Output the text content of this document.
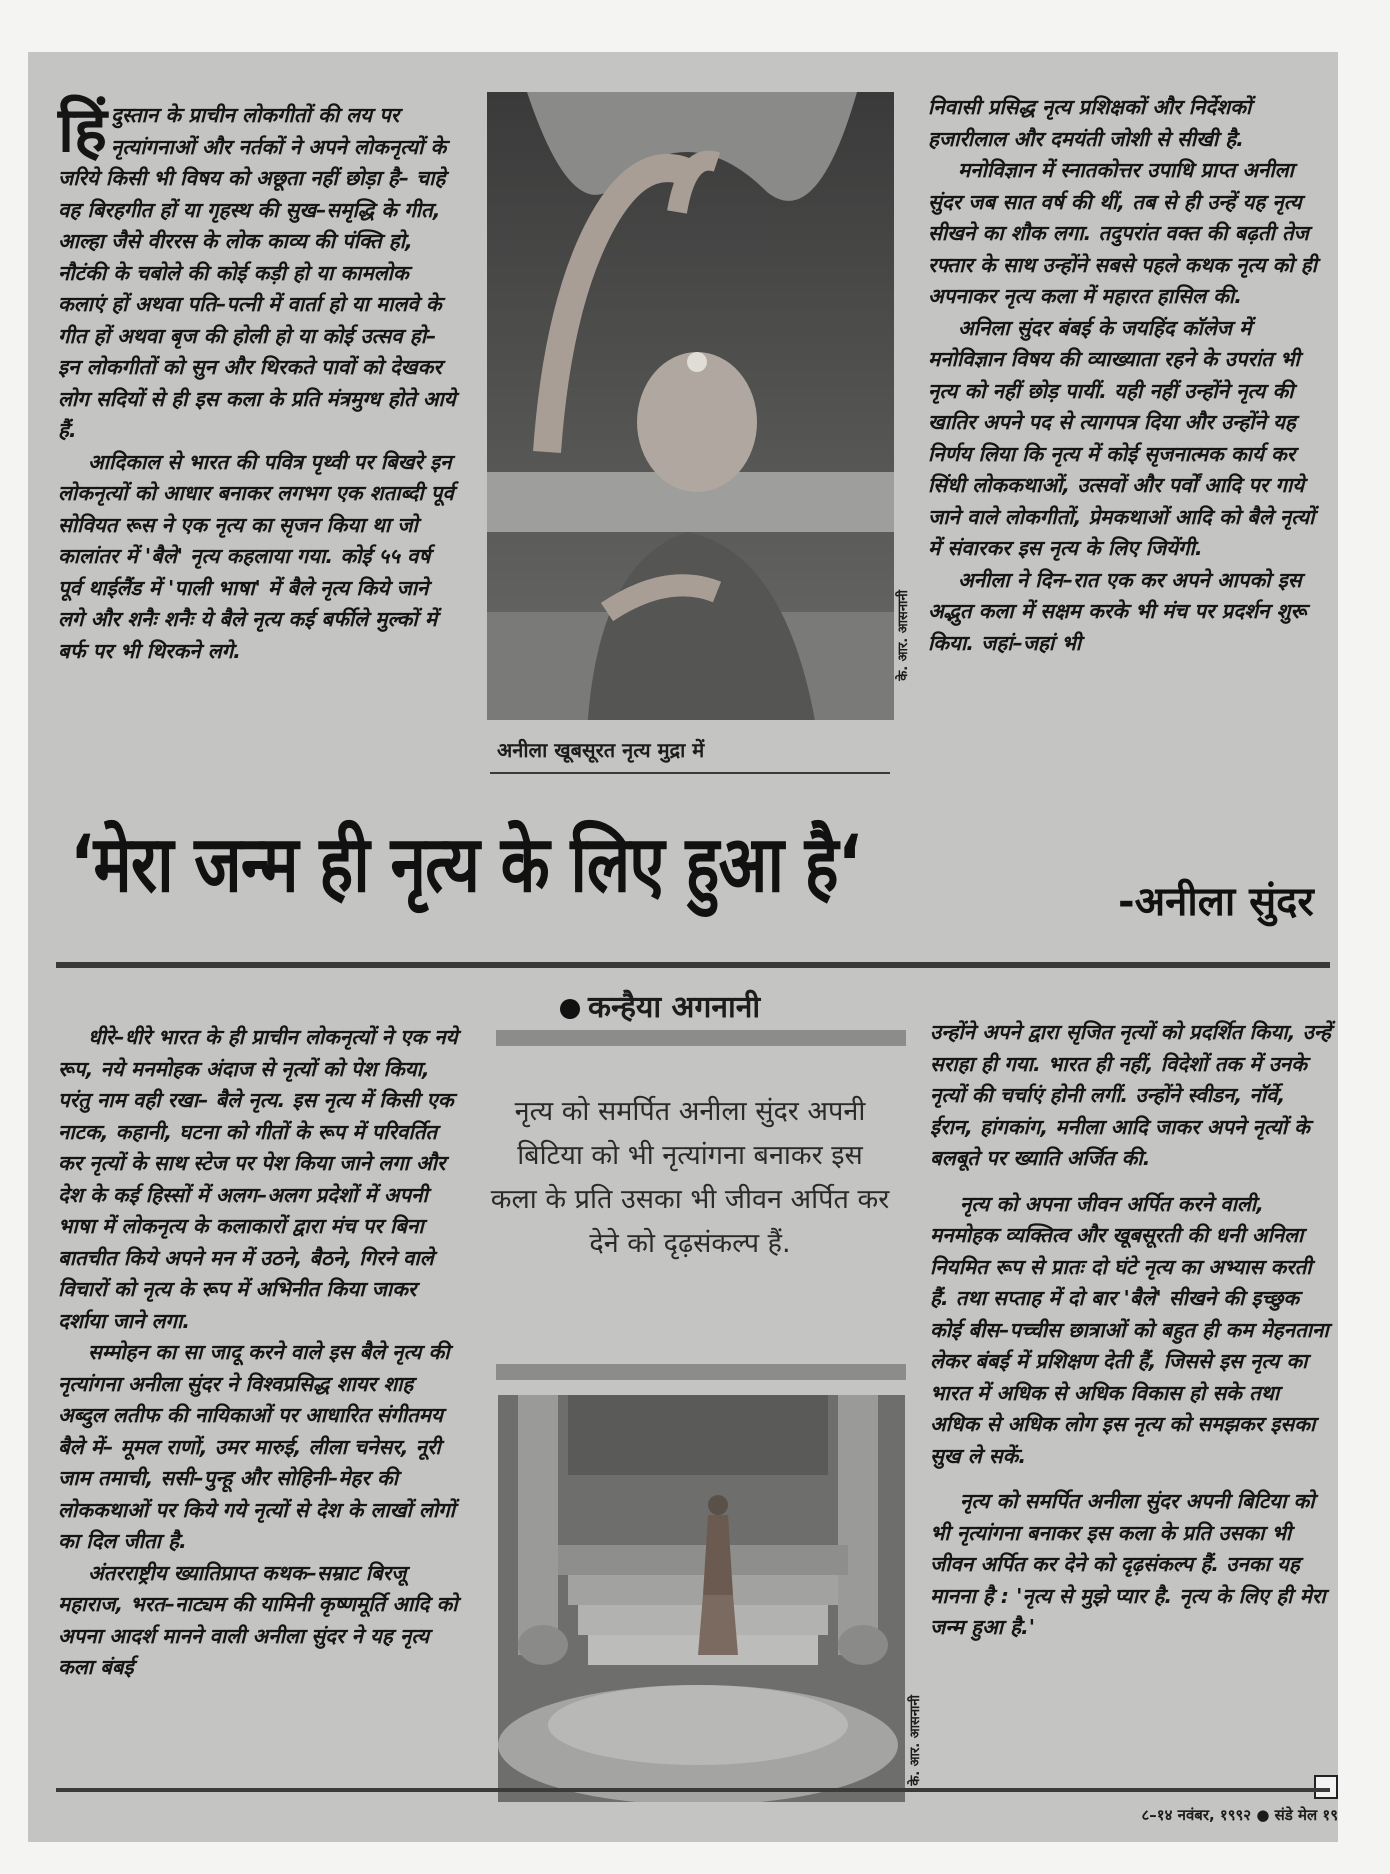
हिंदुस्तान के प्राचीन लोकगीतों की लय पर नृत्यांगनाओं और नर्तकों ने अपने लोकनृत्यों के जरिये किसी भी विषय को अछूता नहीं छोड़ा है– चाहे वह बिरहगीत हों या गृहस्थ की सुख–समृद्धि के गीत, आल्हा जैसे वीररस के लोक काव्य की पंक्ति हो, नौटंकी के चबोले की कोई कड़ी हो या कामलोक कलाएं हों अथवा पति–पत्नी में वार्ता हो या मालवे के गीत हों अथवा बृज की होली हो या कोई उत्सव हो– इन लोकगीतों को सुन और थिरकते पावों को देखकर लोग सदियों से ही इस कला के प्रति मंत्रमुग्ध होते आये हैं.

आदिकाल से भारत की पवित्र पृथ्वी पर बिखरे इन लोकनृत्यों को आधार बनाकर लगभग एक शताब्दी पूर्व सोवियत रूस ने एक नृत्य का सृजन किया था जो कालांतर में 'बैले' नृत्य कहलाया गया. कोई ५५ वर्ष पूर्व थाईलैंड में 'पाली भाषा' में बैले नृत्य किये जाने लगे और शनैः शनैः ये बैले नृत्य कई बर्फीले मुल्कों में बर्फ पर भी थिरकने लगे.	के. आर. आसनानी
अनीला खूबसूरत नृत्य मुद्रा में

निवासी प्रसिद्ध नृत्य प्रशिक्षकों और निर्देशकों हजारीलाल और दमयंती जोशी से सीखी है.

मनोविज्ञान में स्नातकोत्तर उपाधि प्राप्त अनीला सुंदर जब सात वर्ष की थीं, तब से ही उन्हें यह नृत्य सीखने का शौक लगा. तदुपरांत वक्त की बढ़ती तेज रफ्तार के साथ उन्होंने सबसे पहले कथक नृत्य को ही अपनाकर नृत्य कला में महारत हासिल की.

अनिला सुंदर बंबई के जयहिंद कॉलेज में मनोविज्ञान विषय की व्याख्याता रहने के उपरांत भी नृत्य को नहीं छोड़ पायीं. यही नहीं उन्होंने नृत्य की खातिर अपने पद से त्यागपत्र दिया और उन्होंने यह निर्णय लिया कि नृत्य में कोई सृजनात्मक कार्य कर सिंधी लोककथाओं, उत्सवों और पर्वों आदि पर गाये जाने वाले लोकगीतों, प्रेमकथाओं आदि को बैले नृत्यों में संवारकर इस नृत्य के लिए जियेंगी.

अनीला ने दिन–रात एक कर अपने आपको इस अद्भुत कला में सक्षम करके भी मंच पर प्रदर्शन शुरू किया. जहां–जहां भी

‘मेरा जन्म ही नृत्य के लिए हुआ है‘	-अनीला सुंदर
कन्हैया अगनानी

धीरे–धीरे भारत के ही प्राचीन लोकनृत्यों ने एक नये रूप, नये मनमोहक अंदाज से नृत्यों को पेश किया, परंतु नाम वही रखा– बैले नृत्य. इस नृत्य में किसी एक नाटक, कहानी, घटना को गीतों के रूप में परिवर्तित कर नृत्यों के साथ स्टेज पर पेश किया जाने लगा और देश के कई हिस्सों में अलग–अलग प्रदेशों में अपनी भाषा में लोकनृत्य के कलाकारों द्वारा मंच पर बिना बातचीत किये अपने मन में उठने, बैठने, गिरने वाले विचारों को नृत्य के रूप में अभिनीत किया जाकर दर्शाया जाने लगा.

सम्मोहन का सा जादू करने वाले इस बैले नृत्य की नृत्यांगना अनीला सुंदर ने विश्वप्रसिद्ध शायर शाह अब्दुल लतीफ की नायिकाओं पर आधारित संगीतमय बैले में– मूमल राणों, उमर मारुई, लीला चनेसर, नूरी जाम तमाची, ससी–पुन्हू और सोहिनी–मेहर की लोककथाओं पर किये गये नृत्यों से देश के लाखों लोगों का दिल जीता है.

अंतरराष्ट्रीय ख्यातिप्राप्त कथक–सम्राट बिरजू महाराज, भरत–नाट्यम की यामिनी कृष्णमूर्ति आदि को अपना आदर्श मानने वाली अनीला सुंदर ने यह नृत्य कला बंबई

नृत्य को समर्पित अनीला सुंदर अपनी बिटिया को भी नृत्यांगना बनाकर इस कला के प्रति उसका भी जीवन अर्पित कर देने को दृढ़संकल्प हैं.
के. आर. आसनानी

उन्होंने अपने द्वारा सृजित नृत्यों को प्रदर्शित किया, उन्हें सराहा ही गया. भारत ही नहीं, विदेशों तक में उनके नृत्यों की चर्चाएं होनी लगीं. उन्होंने स्वीडन, नॉर्वे, ईरान, हांगकांग, मनीला आदि जाकर अपने नृत्यों के बलबूते पर ख्याति अर्जित की.

नृत्य को अपना जीवन अर्पित करने वाली, मनमोहक व्यक्तित्व और खूबसूरती की धनी अनिला नियमित रूप से प्रातः दो घंटे नृत्य का अभ्यास करती हैं. तथा सप्ताह में दो बार 'बैले' सीखने की इच्छुक कोई बीस–पच्चीस छात्राओं को बहुत ही कम मेहनताना लेकर बंबई में प्रशिक्षण देती हैं, जिससे इस नृत्य का भारत में अधिक से अधिक विकास हो सके तथा अधिक से अधिक लोग इस नृत्य को समझकर इसका सुख ले सकें.

नृत्य को समर्पित अनीला सुंदर अपनी बिटिया को भी नृत्यांगना बनाकर इस कला के प्रति उसका भी जीवन अर्पित कर देने को दृढ़संकल्प हैं. उनका यह मानना है : 'नृत्य से मुझे प्यार है. नृत्य के लिए ही मेरा जन्म हुआ है.'

८–१४ नवंबर, १९९२ ● संडे मेल १९
